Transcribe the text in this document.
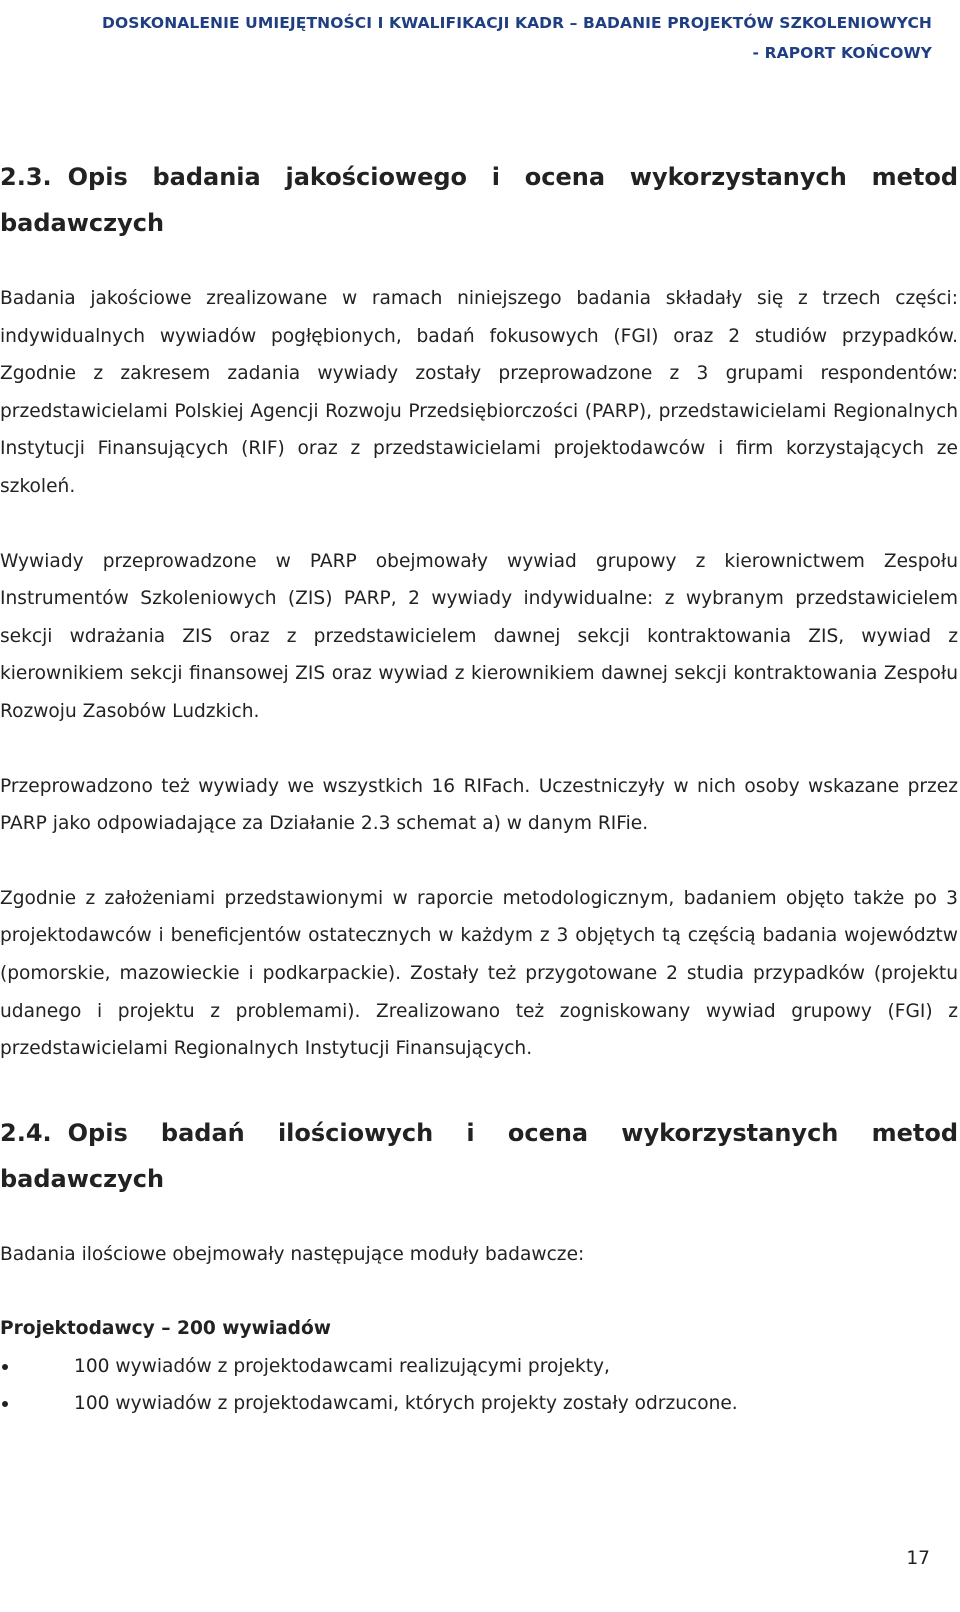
DOSKONALENIE UMIEJĘTNOŚCI I KWALIFIKACJI KADR – BADANIE PROJEKTÓW SZKOLENIOWYCH
- RAPORT KOŃCOWY
2.3. Opis badania jakościowego i ocena wykorzystanych metod badawczych

Badania jakościowe zrealizowane w ramach niniejszego badania składały się z trzech części: indywidualnych wywiadów pogłębionych, badań fokusowych (FGI) oraz 2 studiów przypadków. Zgodnie z zakresem zadania wywiady zostały przeprowadzone z 3 grupami respondentów: przedstawicielami Polskiej Agencji Rozwoju Przedsiębiorczości (PARP), przedstawicielami Regionalnych Instytucji Finansujących (RIF) oraz z przedstawicielami projektodawców i firm korzystających ze szkoleń.

Wywiady przeprowadzone w PARP obejmowały wywiad grupowy z kierownictwem Zespołu Instrumentów Szkoleniowych (ZIS) PARP, 2 wywiady indywidualne: z wybranym przedstawicielem sekcji wdrażania ZIS oraz z przedstawicielem dawnej sekcji kontraktowania ZIS, wywiad z kierownikiem sekcji finansowej ZIS oraz wywiad z kierownikiem dawnej sekcji kontraktowania Zespołu Rozwoju Zasobów Ludzkich.

Przeprowadzono też wywiady we wszystkich 16 RIFach. Uczestniczyły w nich osoby wskazane przez PARP jako odpowiadające za Działanie 2.3 schemat a) w danym RIFie.

Zgodnie z założeniami przedstawionymi w raporcie metodologicznym, badaniem objęto także po 3 projektodawców i beneficjentów ostatecznych w każdym z 3 objętych tą częścią badania województw (pomorskie, mazowieckie i podkarpackie). Zostały też przygotowane 2 studia przypadków (projektu udanego i projektu z problemami). Zrealizowano też zogniskowany wywiad grupowy (FGI) z przedstawicielami Regionalnych Instytucji Finansujących.

2.4. Opis badań ilościowych i ocena wykorzystanych metod badawczych

Badania ilościowe obejmowały następujące moduły badawcze:

Projektodawcy – 200 wywiadów

100 wywiadów z projektodawcami realizującymi projekty,
100 wywiadów z projektodawcami, których projekty zostały odrzucone.
17
